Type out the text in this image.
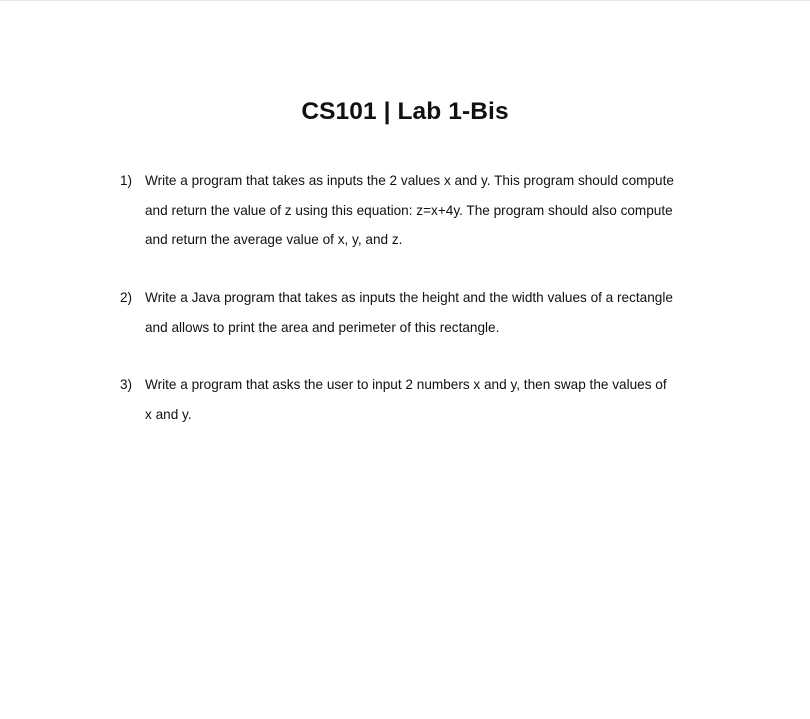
CS101 | Lab 1-Bis
1) Write a program that takes as inputs the 2 values x and y. This program should compute
and return the value of z using this equation: z=x+4y. The program should also compute
and return the average value of x, y, and z.
2) Write a Java program that takes as inputs the height and the width values of a rectangle
and allows to print the area and perimeter of this rectangle.
3) Write a program that asks the user to input 2 numbers x and y, then swap the values of
x and y.
